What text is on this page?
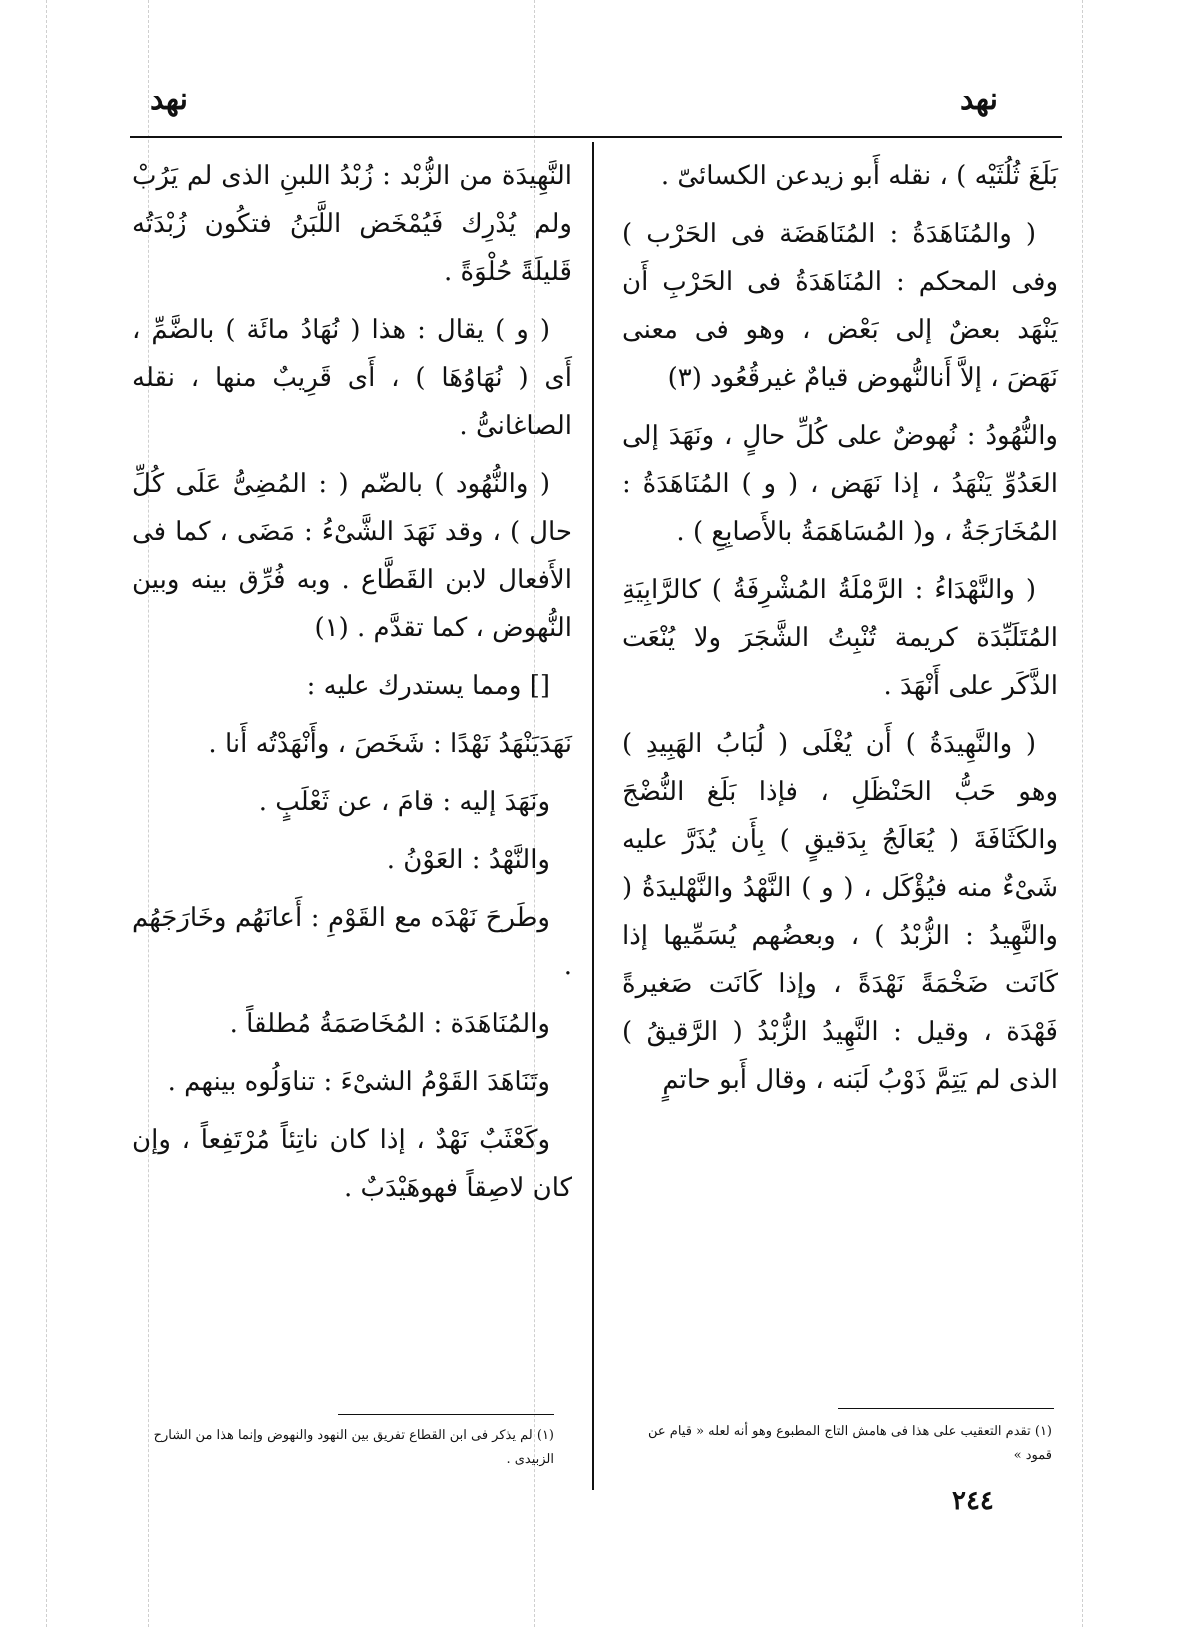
نهد
نهد

بَلَغَ ثُلُثَيْه ) ، نقله أَبو زيدعن الكسائىّ .

( والمُنَاهَدَةُ : المُنَاهَضَة فى الحَرْب ) وفى المحكم : المُنَاهَدَةُ فى الحَرْبِ أَن يَنْهَد بعضٌ إلى بَعْض ، وهو فى معنى نَهَضَ ، إلاَّ أَنالنُّهوض قيامٌ غيرقُعُود (٣)

والنُّهُودُ : نُهوضٌ على كُلِّ حالٍ ، ونَهَدَ إلى العَدُوِّ يَنْهَدُ ، إذا نَهَض ، ( و ) المُنَاهَدَةُ : المُخَارَجَةُ ، و( المُسَاهَمَةُ بالأَصابِعِ ) .

( والنَّهْدَاءُ : الرَّمْلَةُ المُشْرِفَةُ ) كالرَّابِيَةِ المُتَلَبِّدَة كريمة تُنْبِتُ الشَّجَرَ ولا يُنْعَت الذَّكَر على أَنْهَدَ .

( والنَّهِيدَةُ ) أَن يُغْلَى ( لُبَابُ الهَبِيدِ ) وهو حَبُّ الحَنْظَلِ ، فإذا بَلَغ النُّضْجَ والكَثَافَةَ ( يُعَالَجُ بِدَقيقٍ ) بِأَن يُذَرَّ عليه شَىْءٌ منه فيُؤْكَل ، ( و ) النَّهْدُ والنَّهْليدَةُ ( والنَّهِيدُ : الزُّبْدُ ) ، وبعضُهم يُسَمِّيها إذا كَانَت ضَخْمَةً نَهْدَةً ، وإذا كَانَت صَغيرةً فَهْدَة ، وقيل : النَّهِيدُ الزُّبْدُ ( الرَّقيقُ ) الذى لم يَتِمَّ ذَوْبُ لَبَنه ، وقال أَبو حاتمٍ

النَّهِيدَة من الزُّبْد : زُبْدُ اللبنِ الذى لم يَرُبْ ولم يُدْرِك فَيُمْخَض اللَّبَنُ فتكُون زُبْدَتُه قَليلَةً حُلْوَةً .

( و ) يقال : هذا ( نُهَادُ مائَة ) بالضَّمِّ ، أَى ( نُهَاوُهَا ) ، أَى قَرِيبٌ منها ، نقله الصاغانىُّ .

( والنُّهُود ) بالضّم ( : المُضِىُّ عَلَى كُلِّ حال ) ، وقد نَهَدَ الشَّىْءُ : مَضَى ، كما فى الأَفعال لابن القَطَّاع . وبه فُرِّق بينه وبين النُّهوض ، كما تقدَّم . (١)

[] ومما يستدرك عليه :

نَهَدَيَنْهَدُ نَهْدًا : شَخَصَ ، وأَنْهَدْتُه أَنا .

ونَهَدَ إليه : قامَ ، عن ثَعْلَبٍ .

والنَّهْدُ : العَوْنُ .

وطَرحَ نَهْدَه مع القَوْمِ : أَعانَهُم وخَارَجَهُم .

والمُنَاهَدَة : المُخَاصَمَةُ مُطلقاً .

وتَنَاهَدَ القَوْمُ الشىْءَ : تناوَلُوه بينهم .

وكَعْثَبٌ نَهْدٌ ، إذا كان ناتِئاً مُرْتَفِعاً ، وإن كان لاصِقاً فهوهَيْدَبٌ .

(١) تقدم التعقيب على هذا فى هامش التاج المطبوع وهو أنه لعله « قيام عن قمود »
(١) لم يذكر فى ابن القطاع تفريق بين النهود والنهوض وإنما هذا من الشارح الزبيدى .
٢٤٤
